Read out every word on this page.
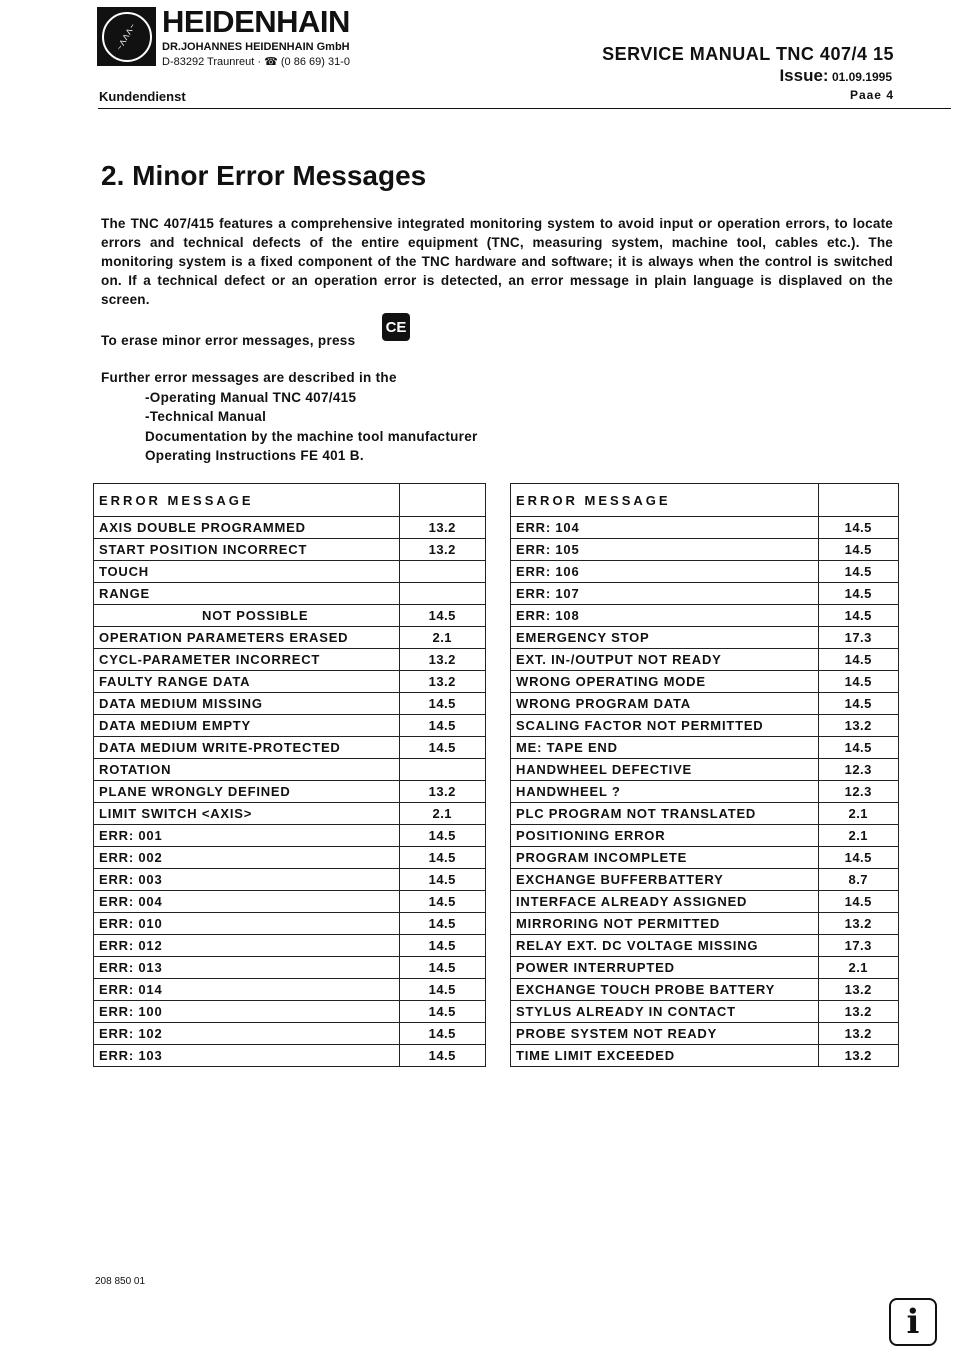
~ΛΛΛ~ HEIDENHAIN
DR.JOHANNES HEIDENHAIN GmbH
D-83292 Traunreut · ☎ (0 86 69) 31-0
Kundendienst
SERVICE MANUAL TNC 407/4 15
Issue: 01.09.1995
Paae 4
2. Minor Error Messages
The TNC 407/415 features a comprehensive integrated monitoring system to avoid input or operation errors, to locate errors and technical defects of the entire equipment (TNC, measuring system, machine tool, cables etc.). The monitoring system is a fixed component of the TNC hardware and software; it is always when the control is switched on. If a technical defect or an operation error is detected, an error message in plain language is displaved on the screen.
To erase minor error messages, press
CE
Further error messages are described in the
-Operating Manual TNC 407/415
-Technical Manual
Documentation by the machine tool manufacturer
Operating Instructions FE 401 B.
ERROR MESSAGE	
AXIS DOUBLE PROGRAMMED	13.2
START POSITION INCORRECT	13.2
TOUCH	
RANGE	
NOT POSSIBLE	14.5
OPERATION PARAMETERS ERASED	2.1
CYCL-PARAMETER INCORRECT	13.2
FAULTY RANGE DATA	13.2
DATA MEDIUM MISSING	14.5
DATA MEDIUM EMPTY	14.5
DATA MEDIUM WRITE-PROTECTED	14.5
ROTATION	
PLANE WRONGLY DEFINED	13.2
LIMIT SWITCH <AXIS>	2.1
ERR: 001	14.5
ERR: 002	14.5
ERR: 003	14.5
ERR: 004	14.5
ERR: 010	14.5
ERR: 012	14.5
ERR: 013	14.5
ERR: 014	14.5
ERR: 100	14.5
ERR: 102	14.5
ERR: 103	14.5
ERROR MESSAGE	
ERR: 104	14.5
ERR: 105	14.5
ERR: 106	14.5
ERR: 107	14.5
ERR: 108	14.5
EMERGENCY STOP	17.3
EXT. IN-/OUTPUT NOT READY	14.5
WRONG OPERATING MODE	14.5
WRONG PROGRAM DATA	14.5
SCALING FACTOR NOT PERMITTED	13.2
ME: TAPE END	14.5
HANDWHEEL DEFECTIVE	12.3
HANDWHEEL ?	12.3
PLC PROGRAM NOT TRANSLATED	2.1
POSITIONING ERROR	2.1
PROGRAM INCOMPLETE	14.5
EXCHANGE BUFFERBATTERY	8.7
INTERFACE ALREADY ASSIGNED	14.5
MIRRORING NOT PERMITTED	13.2
RELAY EXT. DC VOLTAGE MISSING	17.3
POWER INTERRUPTED	2.1
EXCHANGE TOUCH PROBE BATTERY	13.2
STYLUS ALREADY IN CONTACT	13.2
PROBE SYSTEM NOT READY	13.2
TIME LIMIT EXCEEDED	13.2
208 850 01
i
